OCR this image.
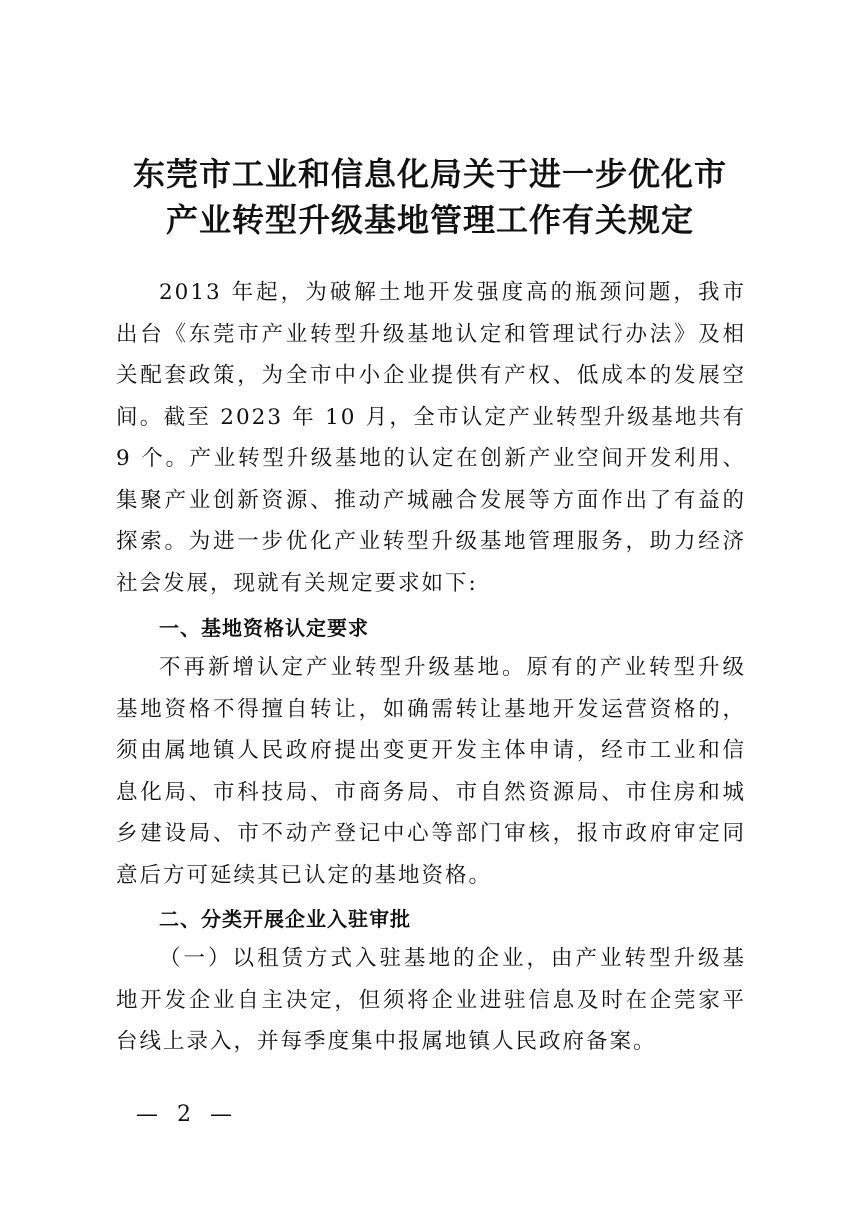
东莞市工业和信息化局关于进一步优化市
产业转型升级基地管理工作有关规定

2013 年起，为破解土地开发强度高的瓶颈问题，我市出台《东莞市产业转型升级基地认定和管理试行办法》及相关配套政策，为全市中小企业提供有产权、低成本的发展空间。截至 2023 年 10 月，全市认定产业转型升级基地共有 9 个。产业转型升级基地的认定在创新产业空间开发利用、集聚产业创新资源、推动产城融合发展等方面作出了有益的探索。为进一步优化产业转型升级基地管理服务，助力经济社会发展，现就有关规定要求如下:

一、基地资格认定要求

不再新增认定产业转型升级基地。原有的产业转型升级基地资格不得擅自转让，如确需转让基地开发运营资格的，须由属地镇人民政府提出变更开发主体申请，经市工业和信息化局、市科技局、市商务局、市自然资源局、市住房和城乡建设局、市不动产登记中心等部门审核，报市政府审定同意后方可延续其已认定的基地资格。

二、分类开展企业入驻审批

（一）以租赁方式入驻基地的企业，由产业转型升级基地开发企业自主决定，但须将企业进驻信息及时在企莞家平台线上录入，并每季度集中报属地镇人民政府备案。

— 2 —
